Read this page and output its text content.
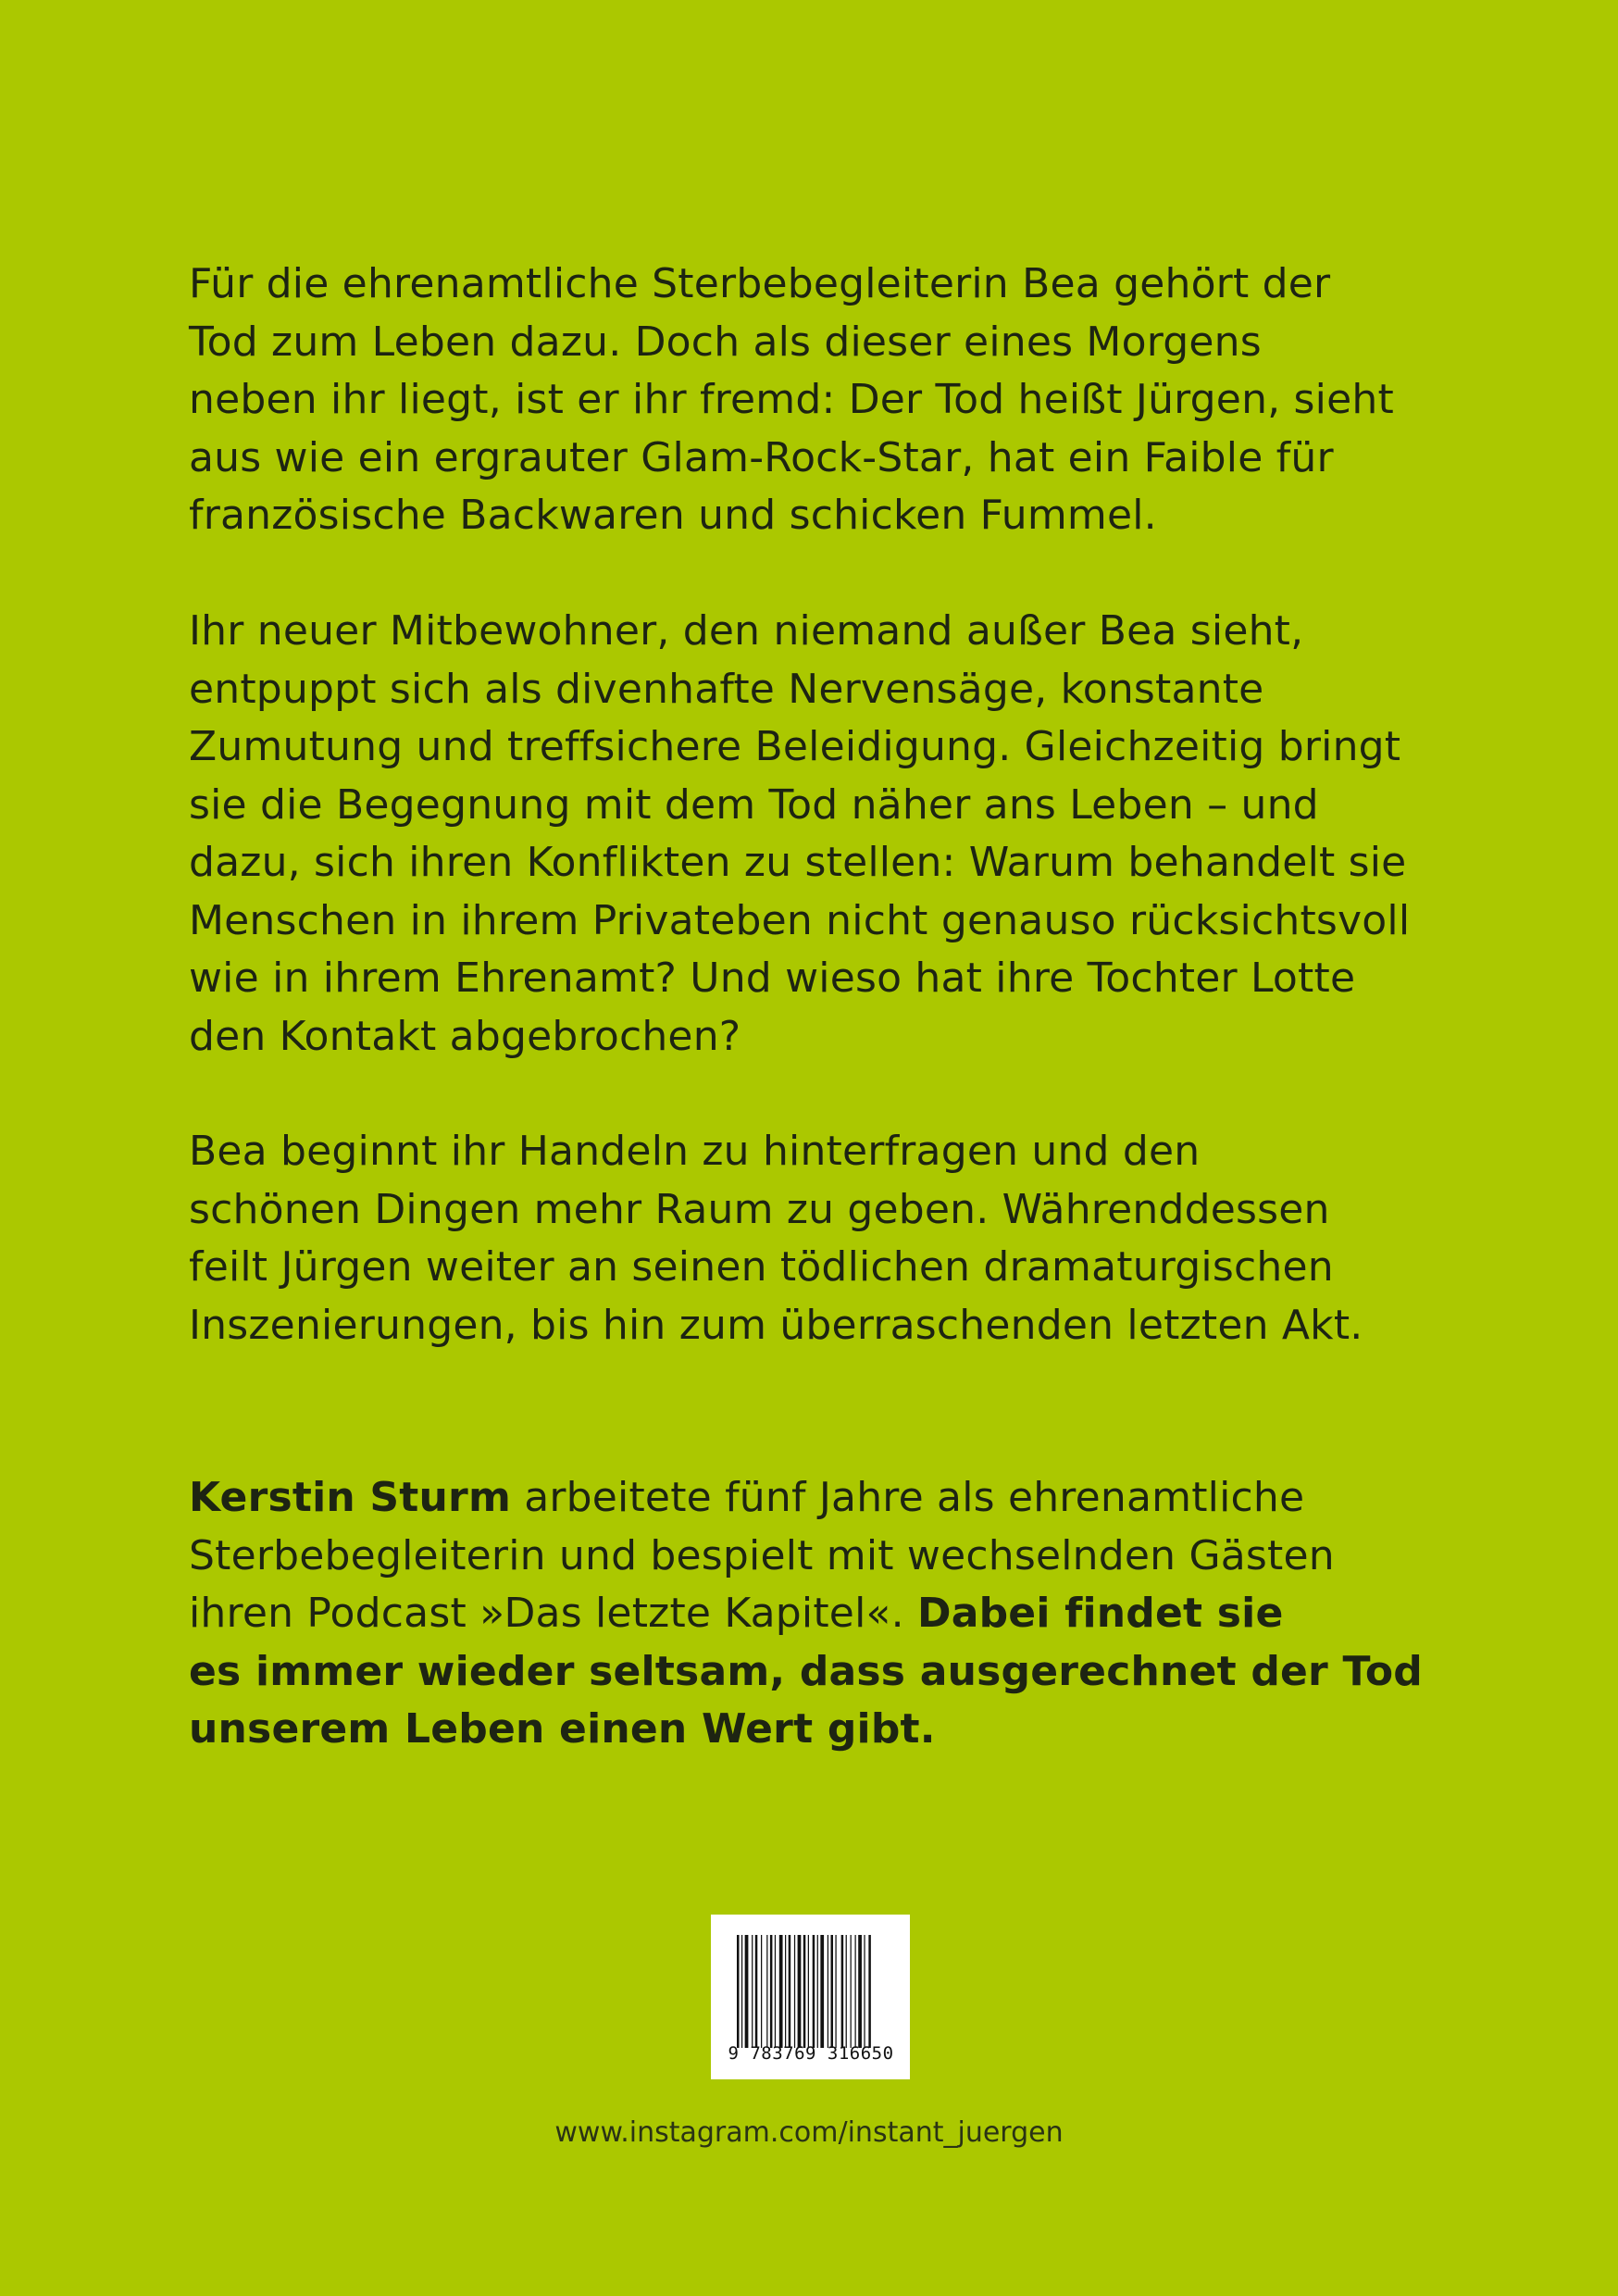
Für die ehrenamtliche Sterbebegleiterin Bea gehört der
Tod zum Leben dazu. Doch als dieser eines Morgens
neben ihr liegt, ist er ihr fremd: Der Tod heißt Jürgen, sieht
aus wie ein ergrauter Glam-Rock-Star, hat ein Faible für
französische Backwaren und schicken Fummel.
Ihr neuer Mitbewohner, den niemand außer Bea sieht,
entpuppt sich als divenhafte Nervensäge, konstante
Zumutung und treffsichere Beleidigung. Gleichzeitig bringt
sie die Begegnung mit dem Tod näher ans Leben – und
dazu, sich ihren Konflikten zu stellen: Warum behandelt sie
Menschen in ihrem Privateben nicht genauso rücksichtsvoll
wie in ihrem Ehrenamt? Und wieso hat ihre Tochter Lotte
den Kontakt abgebrochen?
Bea beginnt ihr Handeln zu hinterfragen und den
schönen Dingen mehr Raum zu geben. Währenddessen
feilt Jürgen weiter an seinen tödlichen dramaturgischen
Inszenierungen, bis hin zum überraschenden letzten Akt.
Kerstin Sturm arbeitete fünf Jahre als ehrenamtliche
Sterbebegleiterin und bespielt mit wechselnden Gästen
ihren Podcast »Das letzte Kapitel«. Dabei findet sie
es immer wieder seltsam, dass ausgerechnet der Tod
unserem Leben einen Wert gibt.
9 783769 316650
www.instagram.com/instant_juergen
